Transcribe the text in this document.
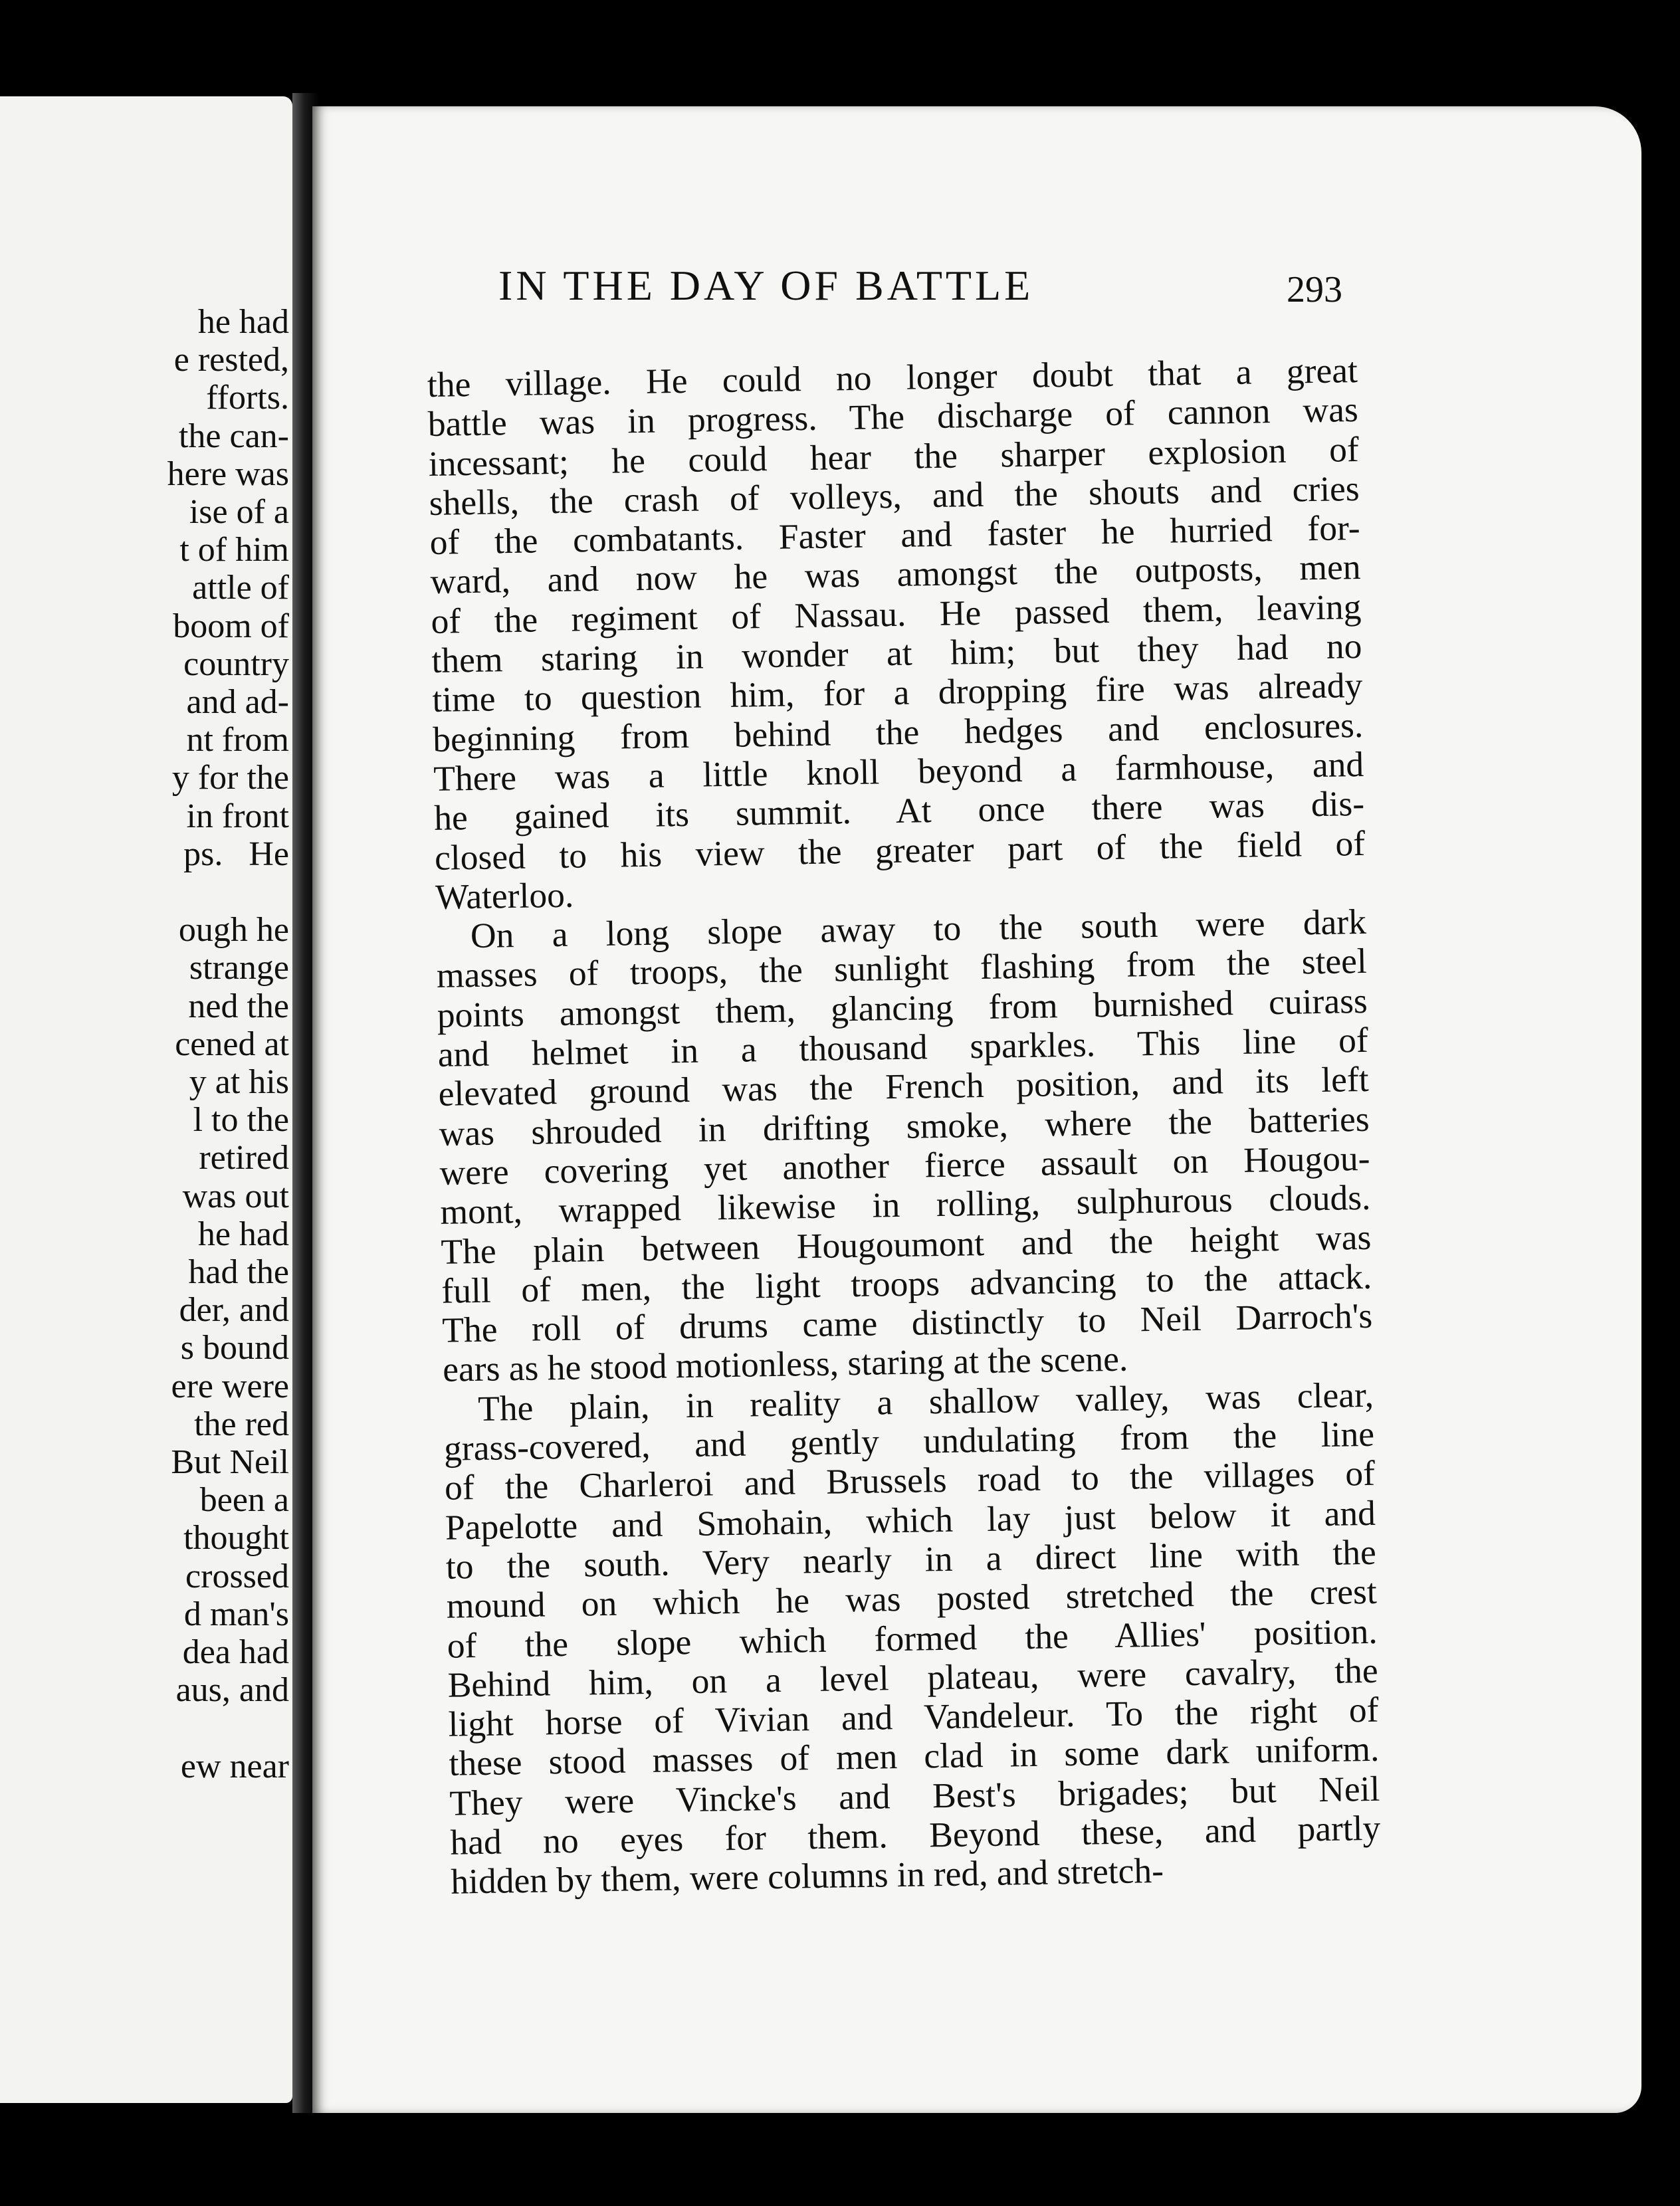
he had
e rested,
fforts.
the can-
here was
ise of a
t of him
attle of
boom of
country
and ad-
nt from
y for the
in front
ps.   He
ough he
strange
ned the
cened at
y at his
l to the
retired
was out
he had
had the
der, and
s bound
ere were
the red
But Neil
been a
thought
crossed
d man's
dea had
aus, and
ew near
IN THE DAY OF BATTLE	293
the village. He could no longer doubt that a great
battle was in progress. The discharge of cannon was
incessant; he could hear the sharper explosion of
shells, the crash of volleys, and the shouts and cries
of the combatants. Faster and faster he hurried for-
ward, and now he was amongst the outposts, men
of the regiment of Nassau. He passed them, leaving
them staring in wonder at him; but they had no
time to question him, for a dropping fire was already
beginning from behind the hedges and enclosures.
There was a little knoll beyond a farmhouse, and
he gained its summit. At once there was dis-
closed to his view the greater part of the field of
Waterloo.
On a long slope away to the south were dark
masses of troops, the sunlight flashing from the steel
points amongst them, glancing from burnished cuirass
and helmet in a thousand sparkles. This line of
elevated ground was the French position, and its left
was shrouded in drifting smoke, where the batteries
were covering yet another fierce assault on Hougou-
mont, wrapped likewise in rolling, sulphurous clouds.
The plain between Hougoumont and the height was
full of men, the light troops advancing to the attack.
The roll of drums came distinctly to Neil Darroch's
ears as he stood motionless, staring at the scene.
The plain, in reality a shallow valley, was clear,
grass-covered, and gently undulating from the line
of the Charleroi and Brussels road to the villages of
Papelotte and Smohain, which lay just below it and
to the south. Very nearly in a direct line with the
mound on which he was posted stretched the crest
of the slope which formed the Allies' position.
Behind him, on a level plateau, were cavalry, the
light horse of Vivian and Vandeleur. To the right of
these stood masses of men clad in some dark uniform.
They were Vincke's and Best's brigades; but Neil
had no eyes for them. Beyond these, and partly
hidden by them, were columns in red, and stretch-
